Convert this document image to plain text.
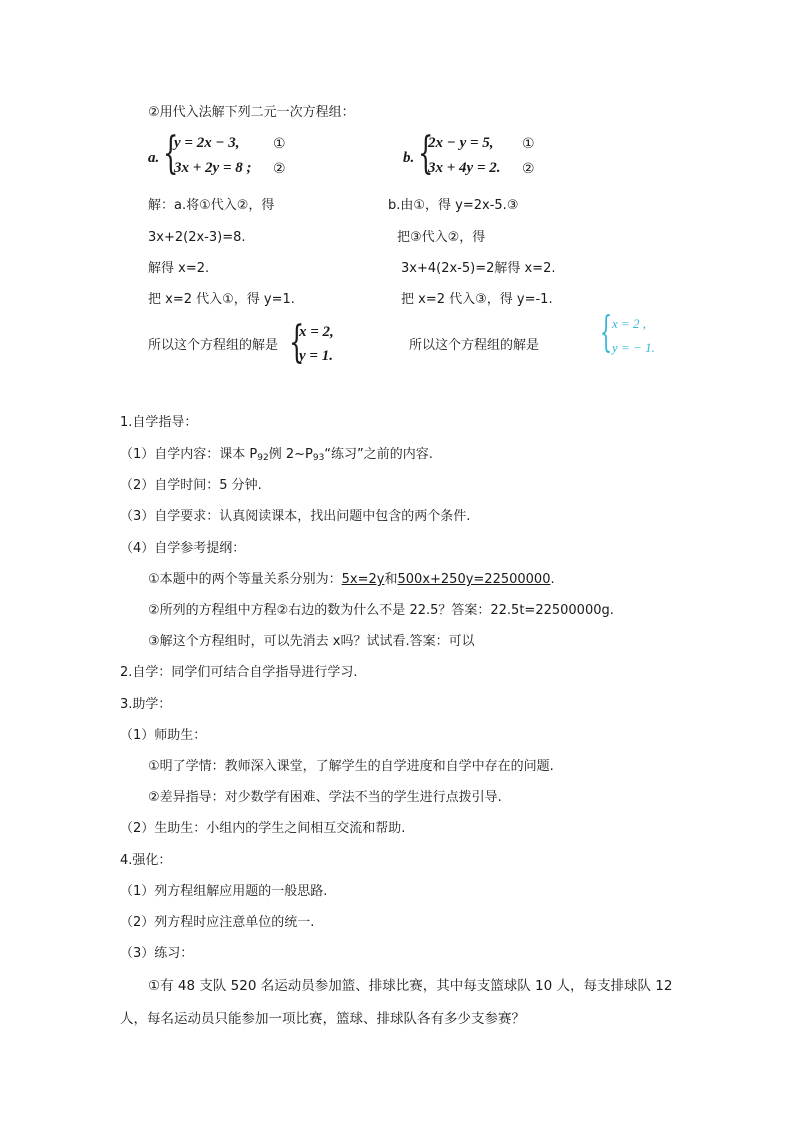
②用代入法解下列二元一次方程组：
a. {
y = 2x − 3, ①
3x + 2y = 8 ; ②
b. {
2x − y = 5, ①
3x + 4y = 2. ②
解：a.将①代入②，得
3x+2(2x-3)=8.
解得 x=2.
把 x=2 代入①，得 y=1.
所以这个方程组的解是 {
x = 2,
y = 1.
b.由①，得 y=2x-5.③
把③代入②，得
3x+4(2x-5)=2解得 x=2.
把 x=2 代入③，得 y=-1.
所以这个方程组的解是 { x = 2 ,
y = − 1.
1.自学指导：
（1）自学内容：课本 $P_{92}$例 $2\sim P_{93}“$练习”之前的内容.
（2）自学时间：5 分钟.
（3）自学要求：认真阅读课本，找出问题中包含的两个条件.
（4）自学参考提纲：
①本题中的两个等量关系分别为：5x=2y和500x+250y=22500000.
②所列的方程组中方程②右边的数为什么不是 22.5？答案：22.5t=22500000g.
③解这个方程组时，可以先消去 x吗？试试看.答案：可以
2.自学：同学们可结合自学指导进行学习.
3.助学：
（1）师助生：
①明了学情：教师深入课堂，了解学生的自学进度和自学中存在的问题.
②差异指导：对少数学有困难、学法不当的学生进行点拨引导.
（2）生助生：小组内的学生之间相互交流和帮助.
4.强化：
（1）列方程组解应用题的一般思路.
（2）列方程时应注意单位的统一.
（3）练习：
①有 48 支队 520 名运动员参加篮、排球比赛，其中每支篮球队 10 人，每支排球队 12
人，每名运动员只能参加一项比赛，篮球、排球队各有多少支参赛？
